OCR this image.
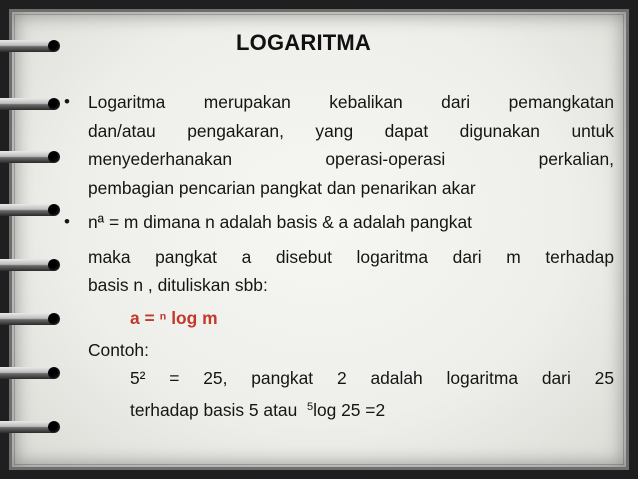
LOGARITMA
• Logaritma merupakan kebalikan dari pemangkatan
dan/atau pengakaran, yang dapat digunakan untuk
menyederhanakan operasi-operasi perkalian,
pembagian pencarian pangkat dan penarikan akar
• nª = m dimana n adalah basis & a adalah pangkat
maka pangkat a disebut logaritma dari m terhadap
basis n , dituliskan sbb:
a = ⁿ log m
Contoh:
5² = 25, pangkat 2 adalah logaritma dari 25
terhadap basis 5 atau $^5$log 25 =2
